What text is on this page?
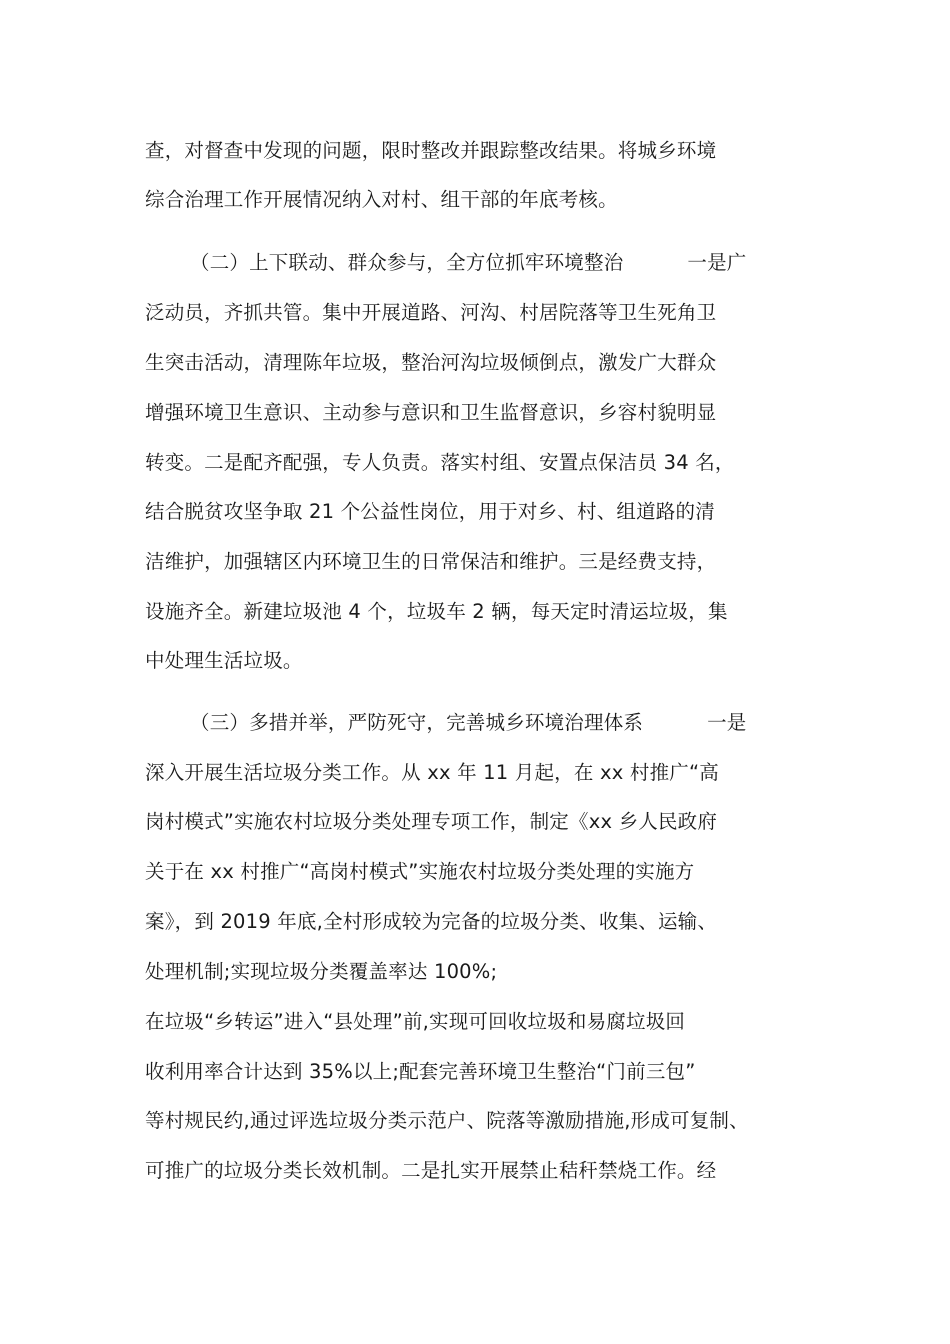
查，对督查中发现的问题，限时整改并跟踪整改结果。将城乡环境
综合治理工作开展情况纳入对村、组干部的年底考核。
（二）上下联动、群众参与，全方位抓牢环境整治          一是广
泛动员，齐抓共管。集中开展道路、河沟、村居院落等卫生死角卫
生突击活动，清理陈年垃圾，整治河沟垃圾倾倒点，激发广大群众
增强环境卫生意识、主动参与意识和卫生监督意识，乡容村貌明显
转变。二是配齐配强，专人负责。落实村组、安置点保洁员 34 名，
结合脱贫攻坚争取 21 个公益性岗位，用于对乡、村、组道路的清
洁维护，加强辖区内环境卫生的日常保洁和维护。三是经费支持，
设施齐全。新建垃圾池 4 个，垃圾车 2 辆，每天定时清运垃圾，集
中处理生活垃圾。
（三）多措并举，严防死守，完善城乡环境治理体系          一是
深入开展生活垃圾分类工作。从 xx 年 11 月起，在 xx 村推广“高
岗村模式”实施农村垃圾分类处理专项工作，制定《xx 乡人民政府
关于在 xx 村推广“高岗村模式”实施农村垃圾分类处理的实施方
案》，到 2019 年底,全村形成较为完备的垃圾分类、收集、运输、
处理机制;实现垃圾分类覆盖率达 100%;
在垃圾“乡转运”进入“县处理”前,实现可回收垃圾和易腐垃圾回
收利用率合计达到 35%以上;配套完善环境卫生整治“门前三包”
等村规民约,通过评选垃圾分类示范户、院落等激励措施,形成可复制、
可推广的垃圾分类长效机制。二是扎实开展禁止秸秆禁烧工作。经
